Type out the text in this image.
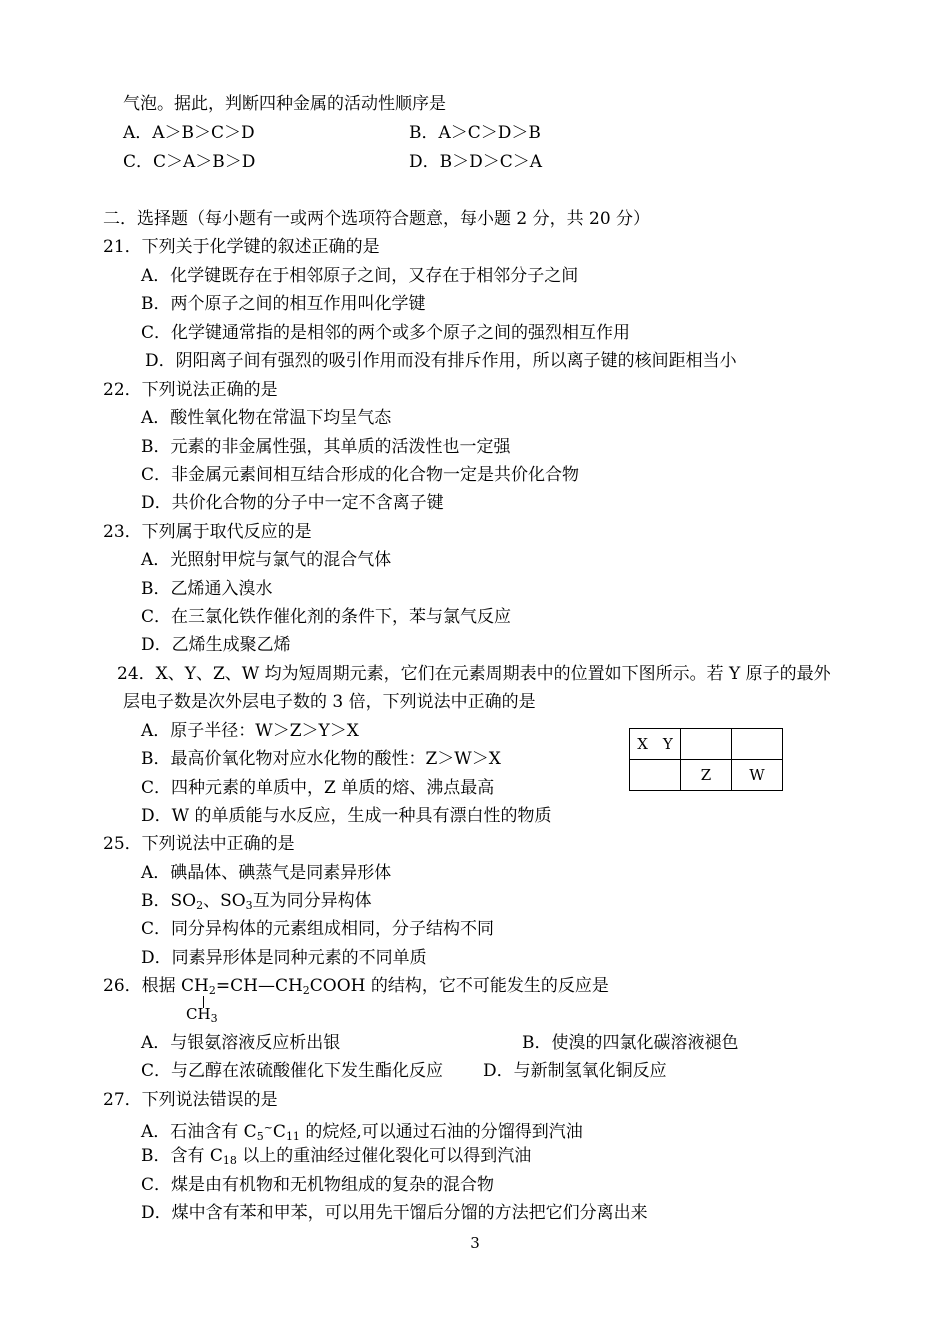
气泡。据此，判断四种金属的活动性顺序是
A．A＞B＞C＞D	B．A＞C＞D＞B
C．C＞A＞B＞D	D．B＞D＞C＞A
二．选择题（每小题有一或两个选项符合题意，每小题 2 分，共 20 分）
21．下列关于化学键的叙述正确的是
A．化学键既存在于相邻原子之间，又存在于相邻分子之间
B．两个原子之间的相互作用叫化学键
C．化学键通常指的是相邻的两个或多个原子之间的强烈相互作用
D．阴阳离子间有强烈的吸引作用而没有排斥作用，所以离子键的核间距相当小
22．下列说法正确的是
A．酸性氧化物在常温下均呈气态
B．元素的非金属性强，其单质的活泼性也一定强
C．非金属元素间相互结合形成的化合物一定是共价化合物
D．共价化合物的分子中一定不含离子键
23．下列属于取代反应的是
A．光照射甲烷与氯气的混合气体
B．乙烯通入溴水
C．在三氯化铁作催化剂的条件下，苯与氯气反应
D．乙烯生成聚乙烯
24．X、Y、Z、W 均为短周期元素，它们在元素周期表中的位置如下图所示。若 Y 原子的最外
层电子数是次外层电子数的 3 倍，下列说法中正确的是
A．原子半径：W＞Z＞Y＞X
B．最高价氧化物对应水化物的酸性：Z＞W＞X
C．四种元素的单质中，Z 单质的熔、沸点最高
D．W 的单质能与水反应，生成一种具有漂白性的物质
X　Y		
	Z	W
25．下列说法中正确的是
A．碘晶体、碘蒸气是同素异形体
B．$SO_2$、$SO_3$互为同分异构体
C．同分异构体的元素组成相同，分子结构不同
D．同素异形体是同种元素的不同单质
26．根据 $CH_2=CH—CH_2COOH$ 的结构，它不可能发生的反应是
$CH_3$
A．与银氨溶液反应析出银	B．使溴的四氯化碳溶液褪色
C．与乙醇在浓硫酸催化下发生酯化反应 D．与新制氢氧化铜反应
27．下列说法错误的是
A．石油含有 $C_5^\sim C_{11}$ 的烷烃,可以通过石油的分馏得到汽油
B．含有 $C_{18}$ 以上的重油经过催化裂化可以得到汽油
C．煤是由有机物和无机物组成的复杂的混合物
D．煤中含有苯和甲苯，可以用先干馏后分馏的方法把它们分离出来
3
